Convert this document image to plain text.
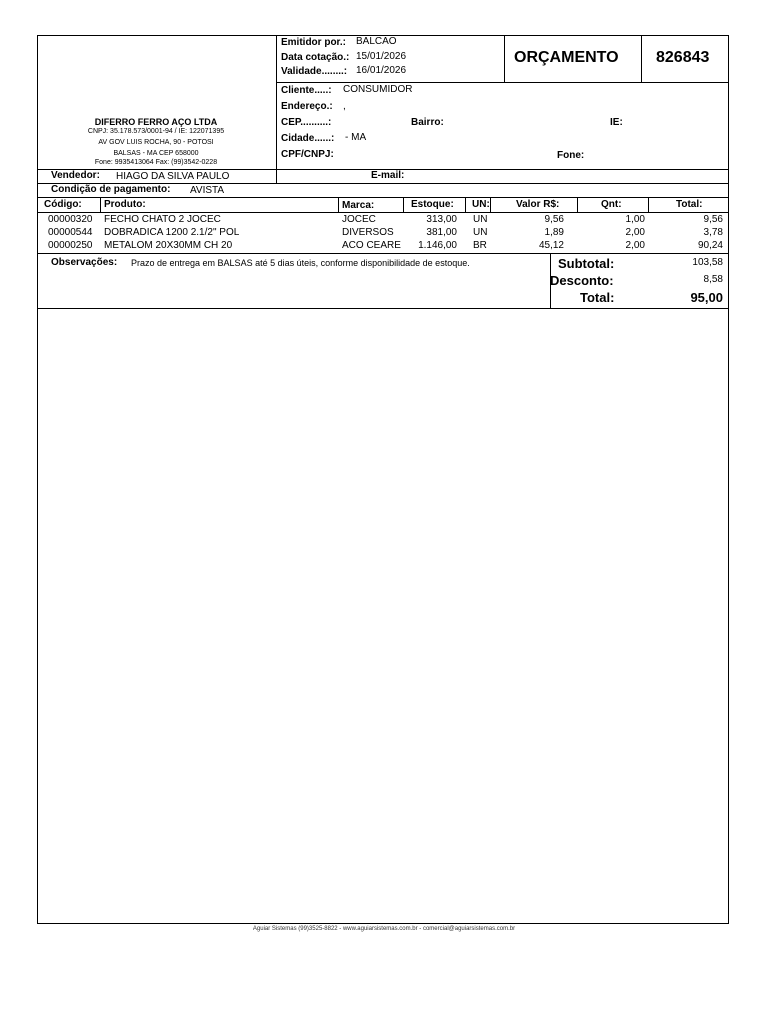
DIFERRO FERRO AÇO LTDA
CNPJ: 35.178.573/0001-94 / IE: 122071395
AV GOV LUIS ROCHA, 90 - POTOSI
BALSAS - MA CEP 658000
Fone: 9935413064 Fax: (99)3542-0228
Emitidor por.: BALCAO
Data cotação.: 15/01/2026
Validade........: 16/01/2026
ORÇAMENTO 826843
Cliente.....: CONSUMIDOR
Endereço.: ,
CEP..........:	Bairro:	IE:
Cidade......: - MA
CPF/CNPJ:	Fone:
Vendedor: HIAGO DA SILVA PAULO	E-mail:
Condição de pagamento: AVISTA
Código: Produto:	Marca:	Estoque: UN:	Valor R$:	Qnt:	Total:
00000320 FECHO CHATO 2 JOCEC	JOCEC	313,00 UN	9,56	1,00	9,56
00000544 DOBRADICA 1200 2.1/2" POL	DIVERSOS	381,00 UN	1,89	2,00	3,78
00000250 METALOM 20X30MM CH 20	ACO CEARE	1.146,00 BR	45,12	2,00	90,24
Observações: Prazo de entrega em BALSAS até 5 dias úteis, conforme disponibilidade de estoque.	Subtotal:	103,58
Desconto:	8,58
Total:	95,00
Aguiar Sistemas (99)3525-8822 - www.aguiarsistemas.com.br - comercial@aguiarsistemas.com.br
